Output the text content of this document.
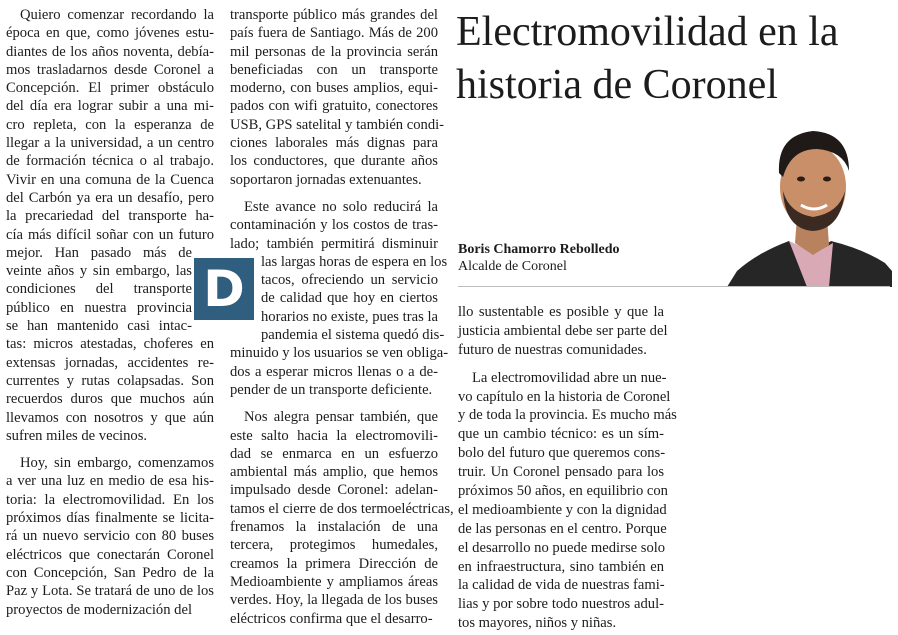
Quiero comenzar recordando la
época en que, como jóvenes estu-
diantes de los años noventa, debía-
mos trasladarnos desde Coronel a
Concepción. El primer obstáculo
del día era lograr subir a una mi-
cro repleta, con la esperanza de
llegar a la universidad, a un centro
de formación técnica o al trabajo.
Vivir en una comuna de la Cuenca
del Carbón ya era un desafío, pero
la precariedad del transporte ha-
cía más difícil soñar con un futuro
mejor. Han pasado más de
veinte años y sin embargo, las
condiciones del transporte
público en nuestra provincia
se han mantenido casi intac-
tas: micros atestadas, choferes en
extensas jornadas, accidentes re-
currentes y rutas colapsadas. Son
recuerdos duros que muchos aún
llevamos con nosotros y que aún
sufren miles de vecinos.
Hoy, sin embargo, comenzamos
a ver una luz en medio de esa his-
toria: la electromovilidad. En los
próximos días finalmente se licita-
rá un nuevo servicio con 80 buses
eléctricos que conectarán Coronel
con Concepción, San Pedro de la
Paz y Lota. Se tratará de uno de los
proyectos de modernización del
transporte público más grandes del
país fuera de Santiago. Más de 200
mil personas de la provincia serán
beneficiadas con un transporte
moderno, con buses amplios, equi-
pados con wifi gratuito, conectores
USB, GPS satelital y también condi-
ciones laborales más dignas para
los conductores, que durante años
soportaron jornadas extenuantes.
Este avance no solo reducirá la
contaminación y los costos de tras-
lado; también permitirá disminuir
las largas horas de espera en los
tacos, ofreciendo un servicio
de calidad que hoy en ciertos
horarios no existe, pues tras la
pandemia el sistema quedó dis-
minuido y los usuarios se ven obliga-
dos a esperar micros llenas o a de-
pender de un transporte deficiente.
Nos alegra pensar también, que
este salto hacia la electromovili-
dad se enmarca en un esfuerzo
ambiental más amplio, que hemos
impulsado desde Coronel: adelan-
tamos el cierre de dos termoeléctricas,
frenamos la instalación de una
tercera, protegimos humedales,
creamos la primera Dirección de
Medioambiente y ampliamos áreas
verdes. Hoy, la llegada de los buses
eléctricos confirma que el desarro-
llo sustentable es posible y que la
justicia ambiental debe ser parte del
futuro de nuestras comunidades.
La electromovilidad abre un nue-
vo capítulo en la historia de Coronel
y de toda la provincia. Es mucho más
que un cambio técnico: es un sím-
bolo del futuro que queremos cons-
truir. Un Coronel pensado para los
próximos 50 años, en equilibrio con
el medioambiente y con la dignidad
de las personas en el centro. Porque
el desarrollo no puede medirse solo
en infraestructura, sino también en
la calidad de vida de nuestras fami-
lias y por sobre todo nuestros adul-
tos mayores, niños y niñas.
D
Electromovilidad en la
historia de Coronel
Boris Chamorro Rebolledo
Alcalde de Coronel
